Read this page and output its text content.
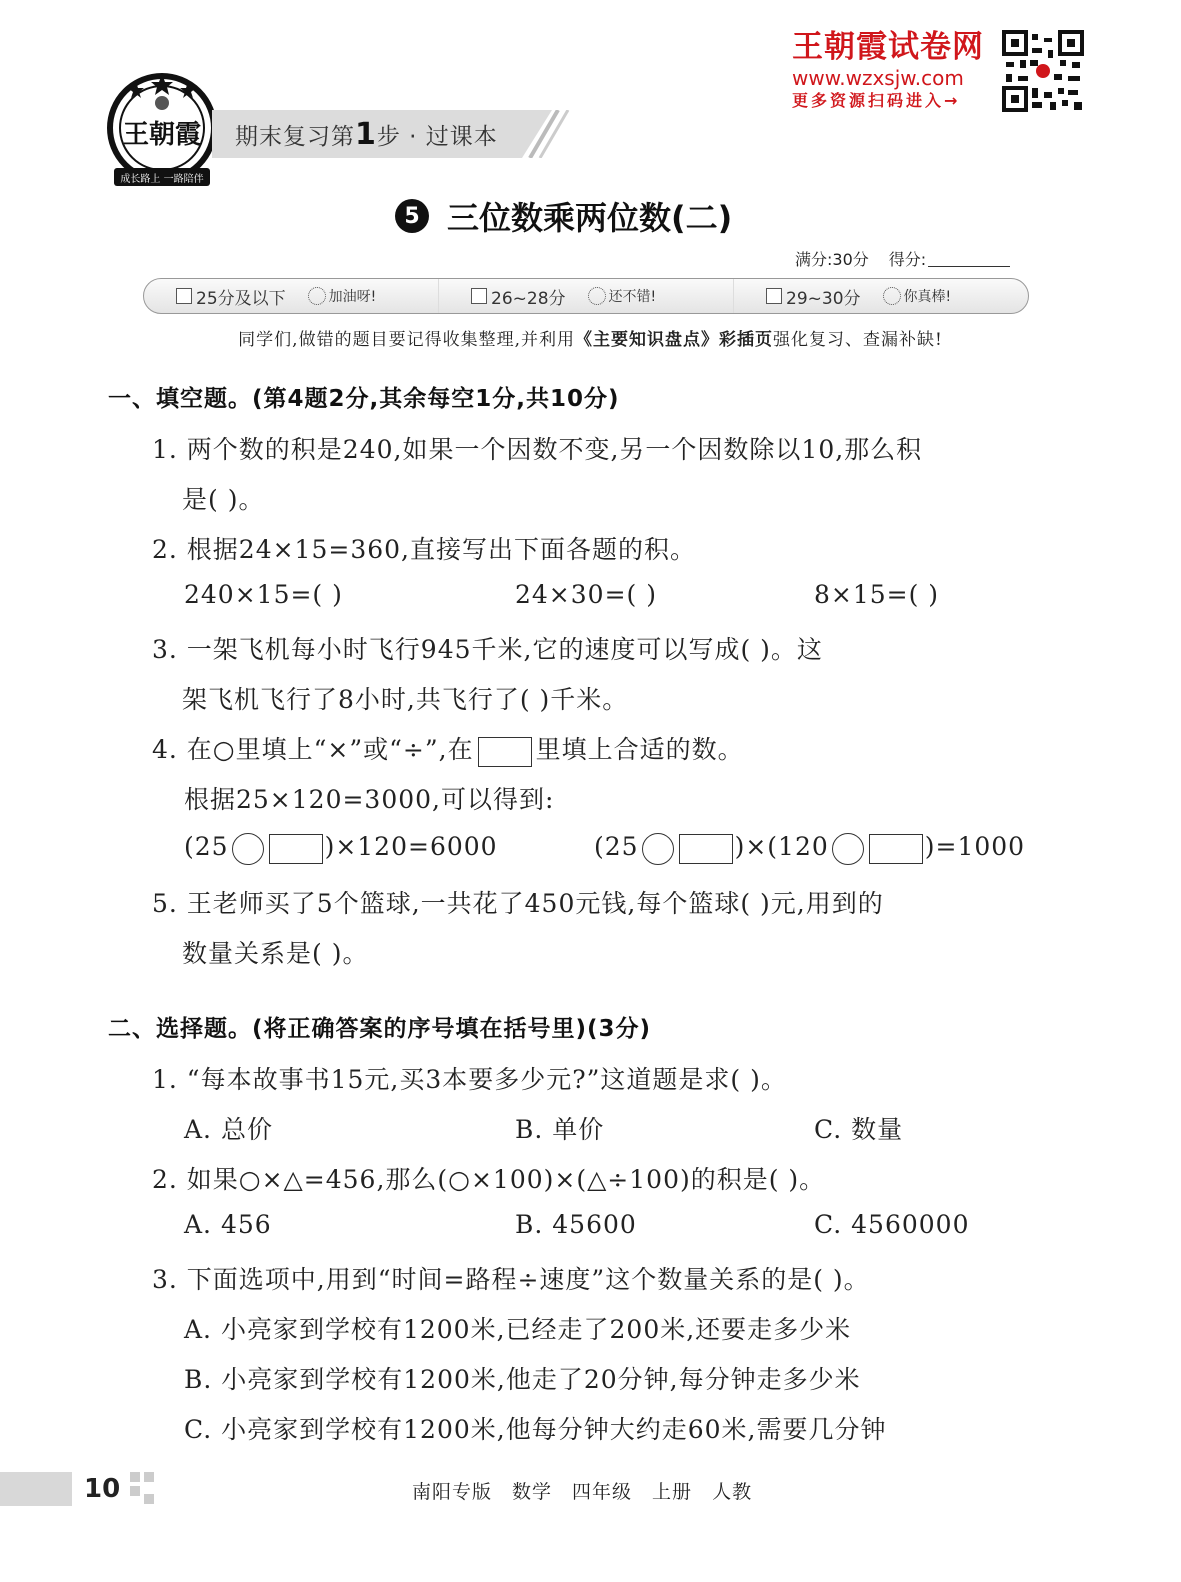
王朝霞
成长路上 一路陪伴
期末复习第1步 · 过课本
王朝霞试卷网
www.wzxsjw.com
更多资源扫码进入→
5 三位数乘两位数(二)
满分:30分 得分:
25分及以下	加油呀!	26~28分	还不错!	29~30分	你真棒!
同学们,做错的题目要记得收集整理,并利用《主要知识盘点》彩插页强化复习、查漏补缺!
一、填空题。(第4题2分,其余每空1分,共10分)
1. 两个数的积是240,如果一个因数不变,另一个因数除以10,那么积
是( )。
2. 根据24×15=360,直接写出下面各题的积。
240×15=( )	24×30=( )	8×15=( )
3. 一架飞机每小时飞行945千米,它的速度可以写成( )。这
架飞机飞行了8小时,共飞行了( )千米。
4. 在○里填上“×”或“÷”,在 里填上合适的数。
根据25×120=3000,可以得到:
(25	)×120=6000	(25	)×(120	)=1000
5. 王老师买了5个篮球,一共花了450元钱,每个篮球( )元,用到的
数量关系是( )。
二、选择题。(将正确答案的序号填在括号里)(3分)
1. “每本故事书15元,买3本要多少元?”这道题是求( )。
A. 总价	B. 单价	C. 数量
2. 如果○×△=456,那么(○×100)×(△÷100)的积是( )。
A. 456	B. 45600	C. 4560000
3. 下面选项中,用到“时间=路程÷速度”这个数量关系的是( )。
A. 小亮家到学校有1200米,已经走了200米,还要走多少米
B. 小亮家到学校有1200米,他走了20分钟,每分钟走多少米
C. 小亮家到学校有1200米,他每分钟大约走60米,需要几分钟
10	南阳专版 数学 四年级 上册 人教
